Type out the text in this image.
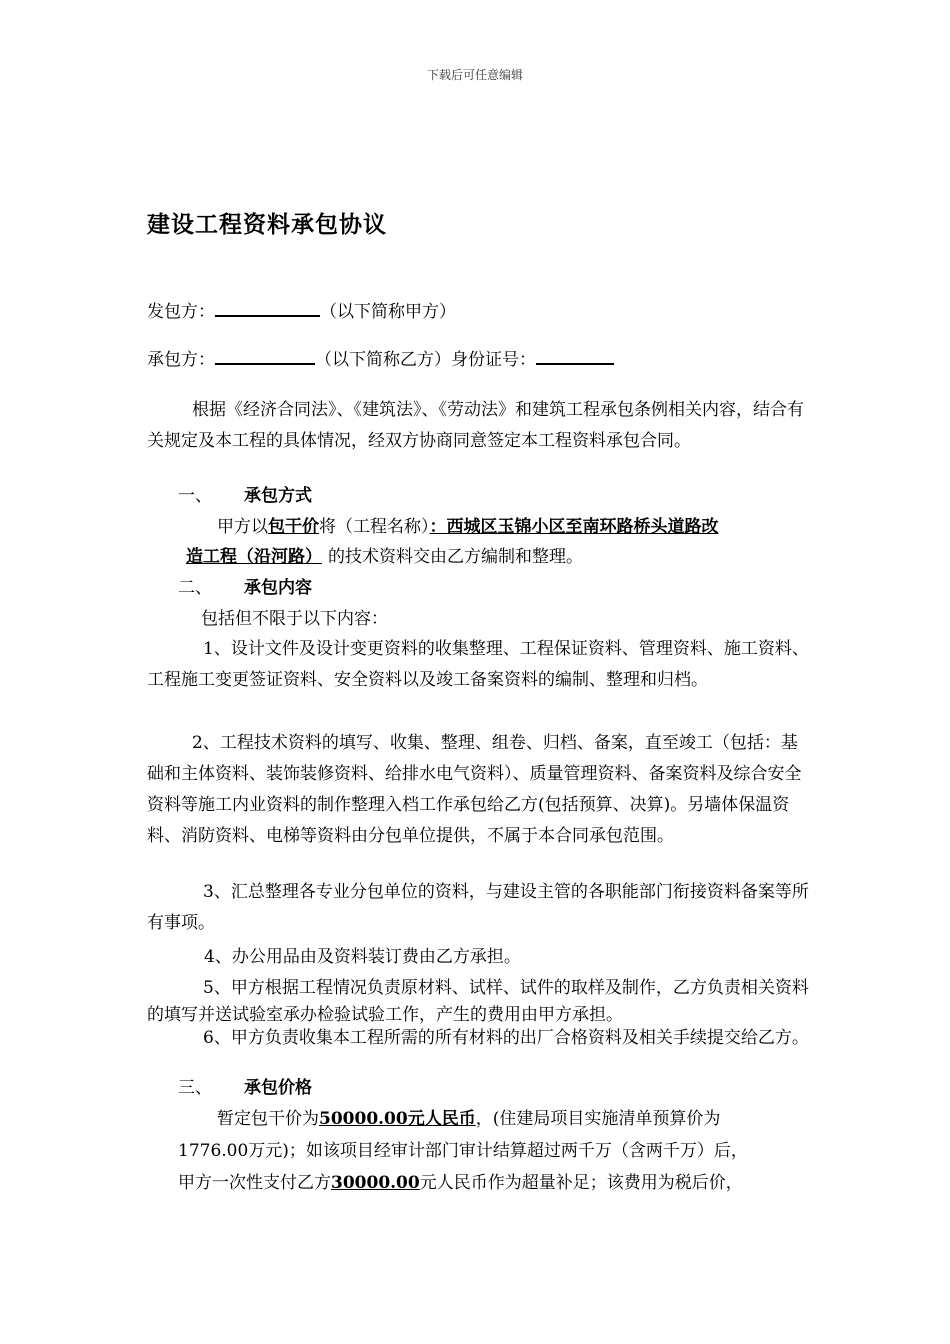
下载后可任意编辑
建设工程资料承包协议
发包方：	（以下简称甲方）
承包方：	（以下简称乙方）身份证号：
根据《经济合同法》、《建筑法》、《劳动法》和建筑工程承包条例相关内容，结合有关规定及本工程的具体情况，经双方协商同意签定本工程资料承包合同。
一、 承包方式
甲方以包干价将（工程名称）：西城区玉锦小区至南环路桥头道路改
造工程（沿河路） 的技术资料交由乙方编制和整理。
二、 承包内容
包括但不限于以下内容：
1、设计文件及设计变更资料的收集整理、工程保证资料、管理资料、施工资料、工程施工变更签证资料、安全资料以及竣工备案资料的编制、整理和归档。
2、工程技术资料的填写、收集、整理、组卷、归档、备案，直至竣工（包括：基础和主体资料、装饰装修资料、给排水电气资料）、质量管理资料、备案资料及综合安全资料等施工内业资料的制作整理入档工作承包给乙方(包括预算、决算)。另墙体保温资料、消防资料、电梯等资料由分包单位提供，不属于本合同承包范围。
3、汇总整理各专业分包单位的资料，与建设主管的各职能部门衔接资料备案等所有事项。
4、办公用品由及资料装订费由乙方承担。
5、甲方根据工程情况负责原材料、试样、试件的取样及制作，乙方负责相关资料的填写并送试验室承办检验试验工作，产生的费用由甲方承担。
6、甲方负责收集本工程所需的所有材料的出厂合格资料及相关手续提交给乙方。
三、 承包价格
暂定包干价为50000.00元人民币，(住建局项目实施清单预算价为
1776.00万元)；如该项目经审计部门审计结算超过两千万（含两千万）后，
甲方一次性支付乙方30000.00元人民币作为超量补足；该费用为税后价，
